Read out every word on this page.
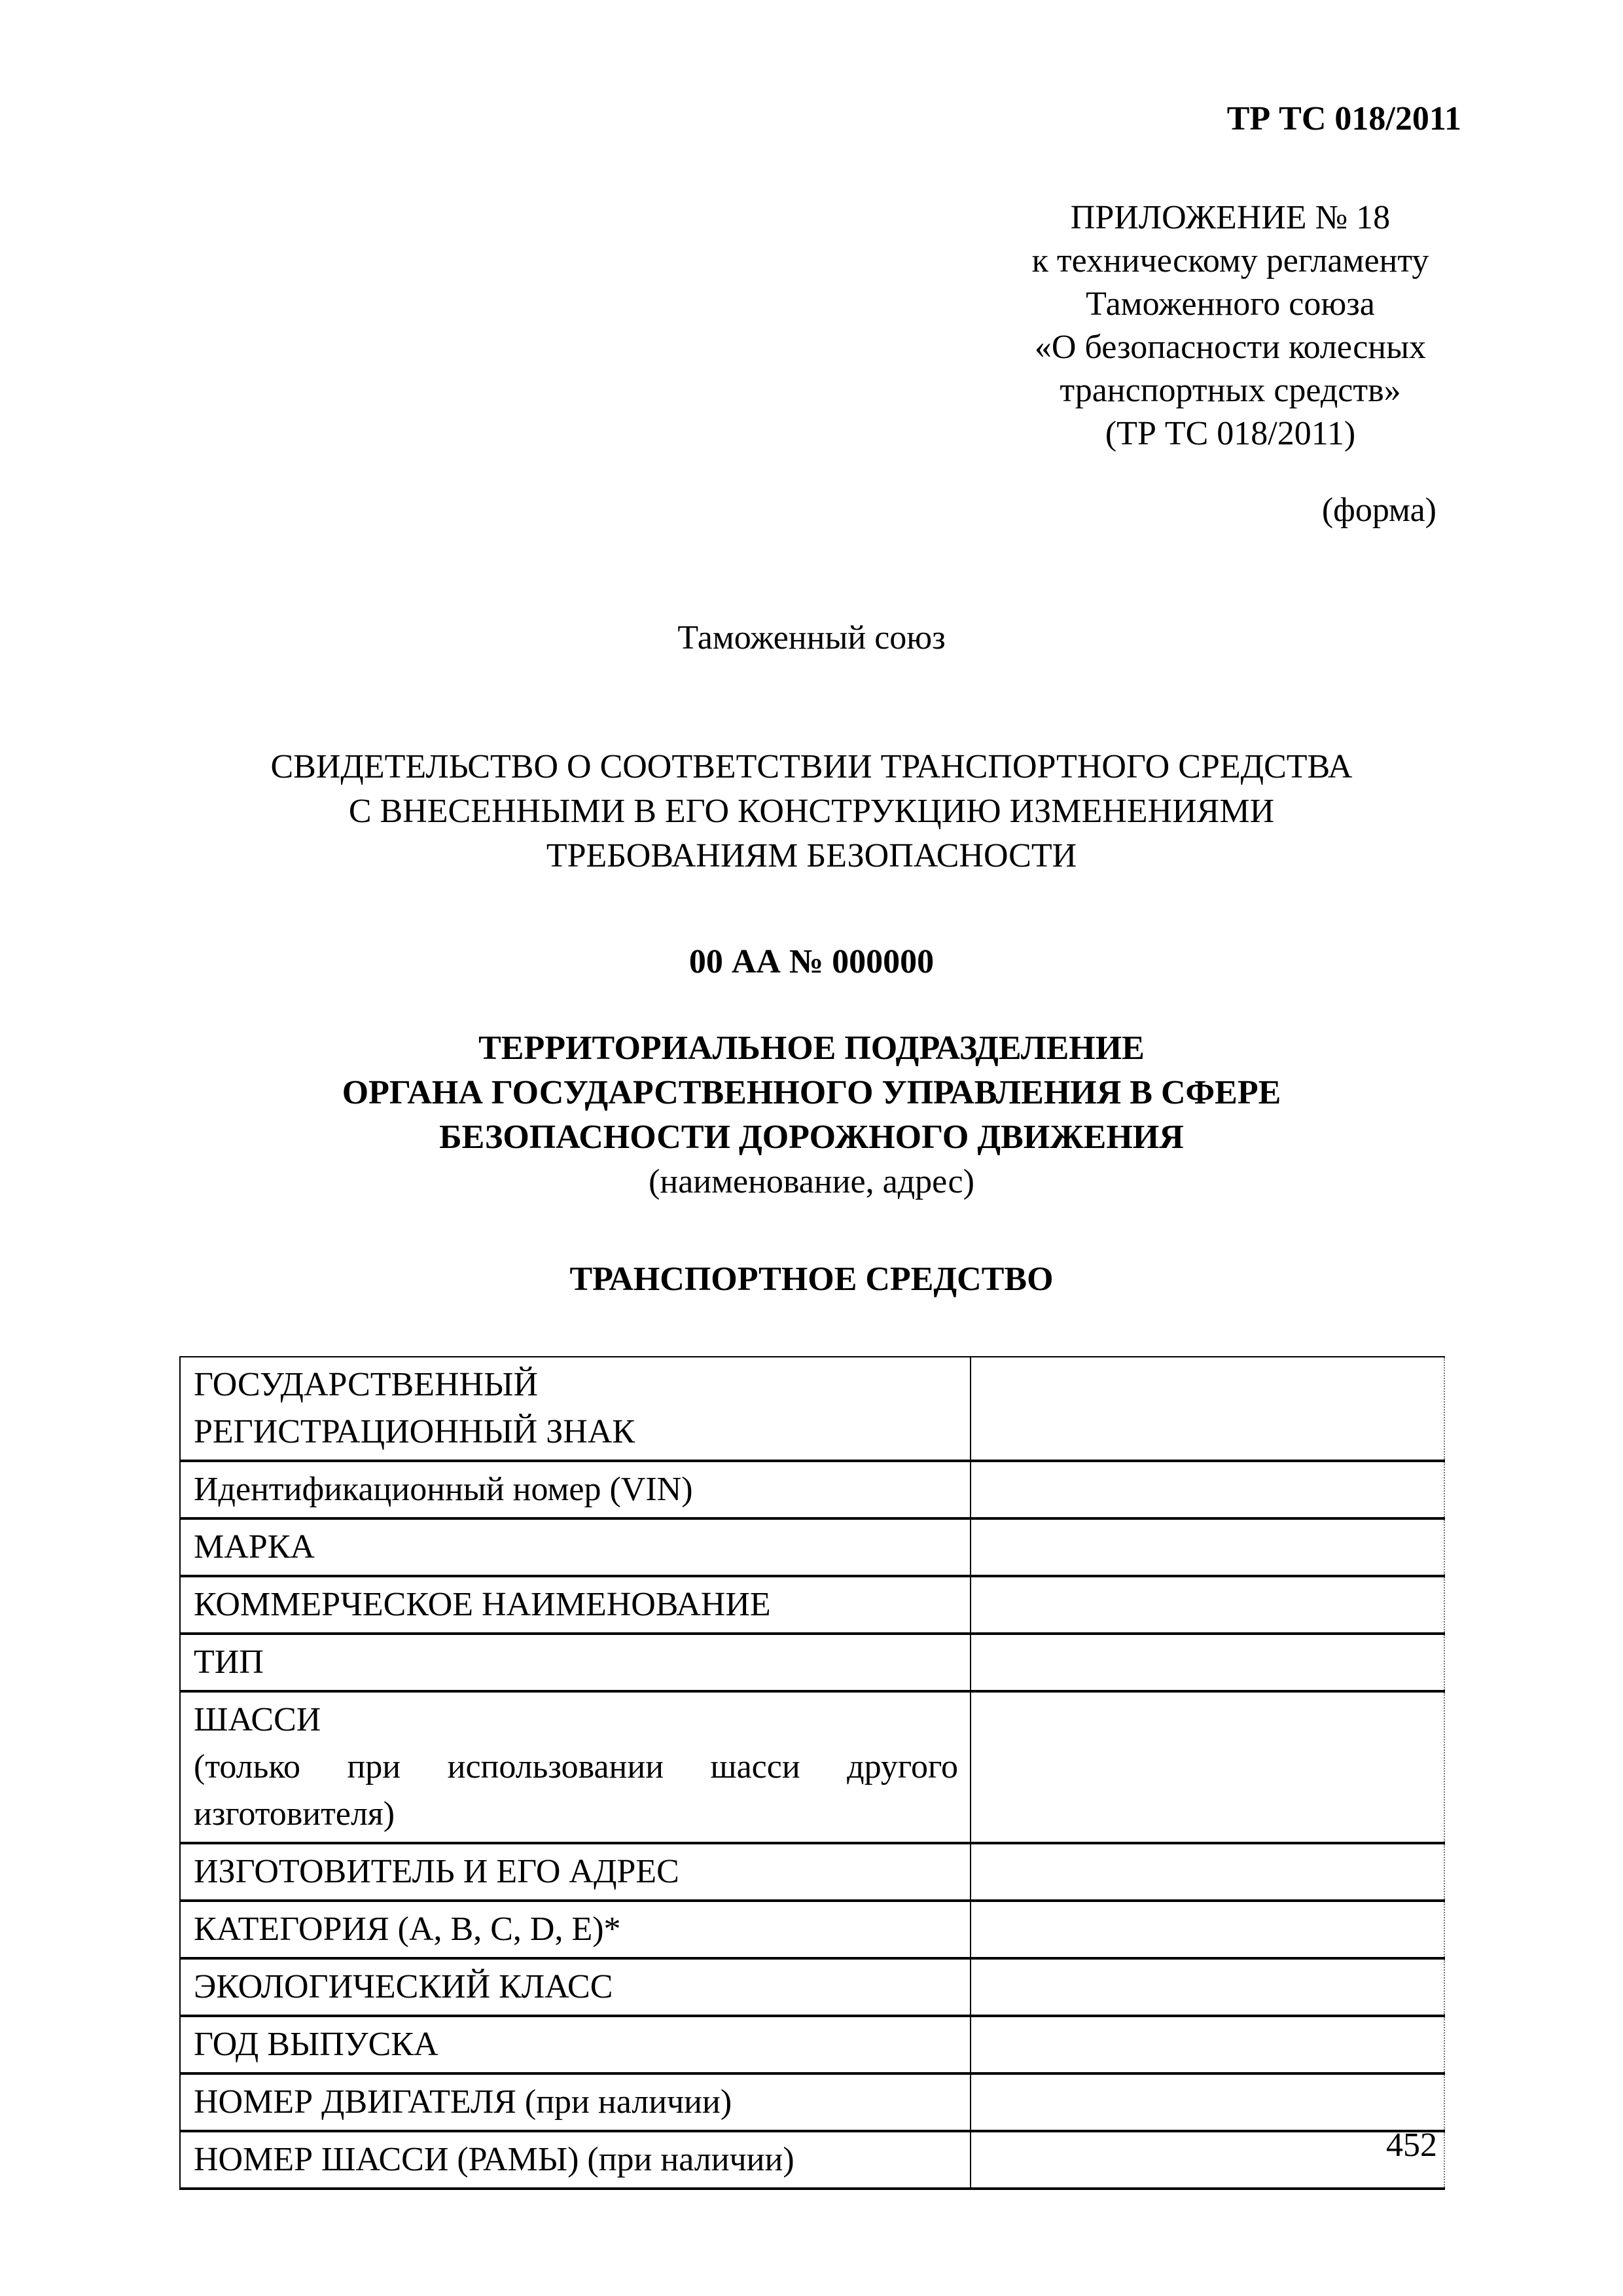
ТР ТС 018/2011
ПРИЛОЖЕНИЕ № 18
к техническому регламенту
Таможенного союза
«О безопасности колесных
транспортных средств»
(ТР ТС 018/2011)
(форма)
Таможенный союз
СВИДЕТЕЛЬСТВО О СООТВЕТСТВИИ ТРАНСПОРТНОГО СРЕДСТВА
С ВНЕСЕННЫМИ В ЕГО КОНСТРУКЦИЮ ИЗМЕНЕНИЯМИ
ТРЕБОВАНИЯМ БЕЗОПАСНОСТИ
00 АА № 000000
ТЕРРИТОРИАЛЬНОЕ ПОДРАЗДЕЛЕНИЕ
ОРГАНА ГОСУДАРСТВЕННОГО УПРАВЛЕНИЯ В СФЕРЕ
БЕЗОПАСНОСТИ ДОРОЖНОГО ДВИЖЕНИЯ
(наименование, адрес)
ТРАНСПОРТНОЕ СРЕДСТВО
ГОСУДАРСТВЕННЫЙ
РЕГИСТРАЦИОННЫЙ ЗНАК	

Идентификационный номер (VIN)	

МАРКА	

КОММЕРЧЕСКОЕ НАИМЕНОВАНИЕ	

ТИП	

ШАССИ
(только при использовании шасси другого
изготовителя)	

ИЗГОТОВИТЕЛЬ И ЕГО АДРЕС	

КАТЕГОРИЯ (A, B, C, D, E)*	

ЭКОЛОГИЧЕСКИЙ КЛАСС	

ГОД ВЫПУСКА	

НОМЕР ДВИГАТЕЛЯ (при наличии)	

НОМЕР ШАССИ (РАМЫ) (при наличии)	
		452
